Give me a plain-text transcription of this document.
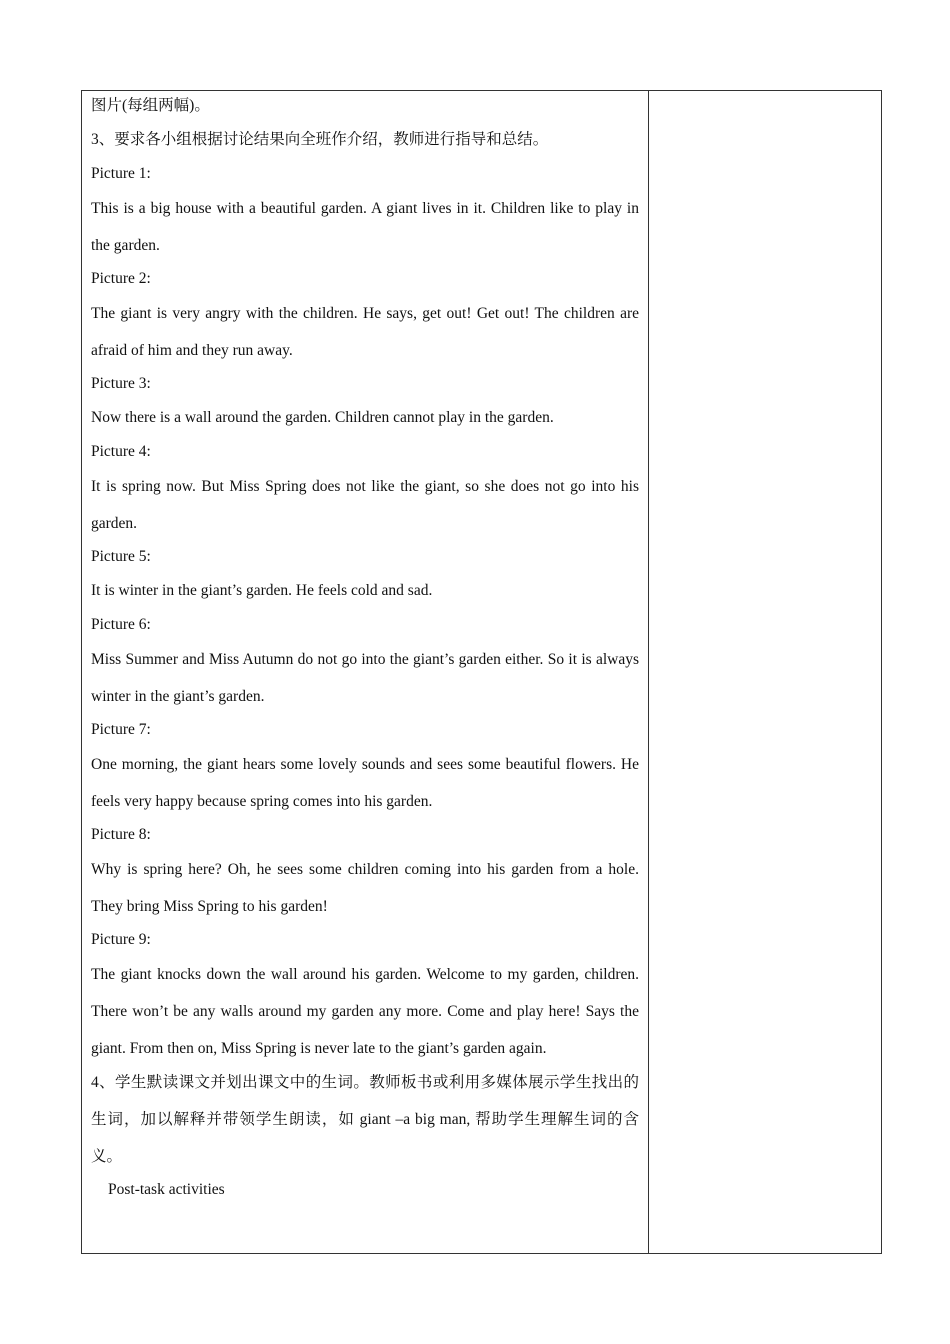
图片(每组两幅)。
3、要求各小组根据讨论结果向全班作介绍，教师进行指导和总结。
Picture 1:

This is a big house with a beautiful garden. A giant lives in it. Children like to play in the garden.

Picture 2:

The giant is very angry with the children. He says, get out! Get out! The children are afraid of him and they run away.

Picture 3:
Now there is a wall around the garden. Children cannot play in the garden.
Picture 4:

It is spring now. But Miss Spring does not like the giant, so she does not go into his garden.

Picture 5:
It is winter in the giant’s garden. He feels cold and sad.
Picture 6:

Miss Summer and Miss Autumn do not go into the giant’s garden either. So it is always winter in the giant’s garden.

Picture 7:

One morning, the giant hears some lovely sounds and sees some beautiful flowers. He feels very happy because spring comes into his garden.

Picture 8:

Why is spring here? Oh, he sees some children coming into his garden from a hole. They bring Miss Spring to his garden!

Picture 9:

The giant knocks down the wall around his garden. Welcome to my garden, children. There won’t be any walls around my garden any more. Come and play here! Says the giant. From then on, Miss Spring is never late to the giant’s garden again.

4、学生默读课文并划出课文中的生词。教师板书或利用多媒体展示学生找出的生词，加以解释并带领学生朗读，如 giant –a big man, 帮助学生理解生词的含义。

Post-task activities
